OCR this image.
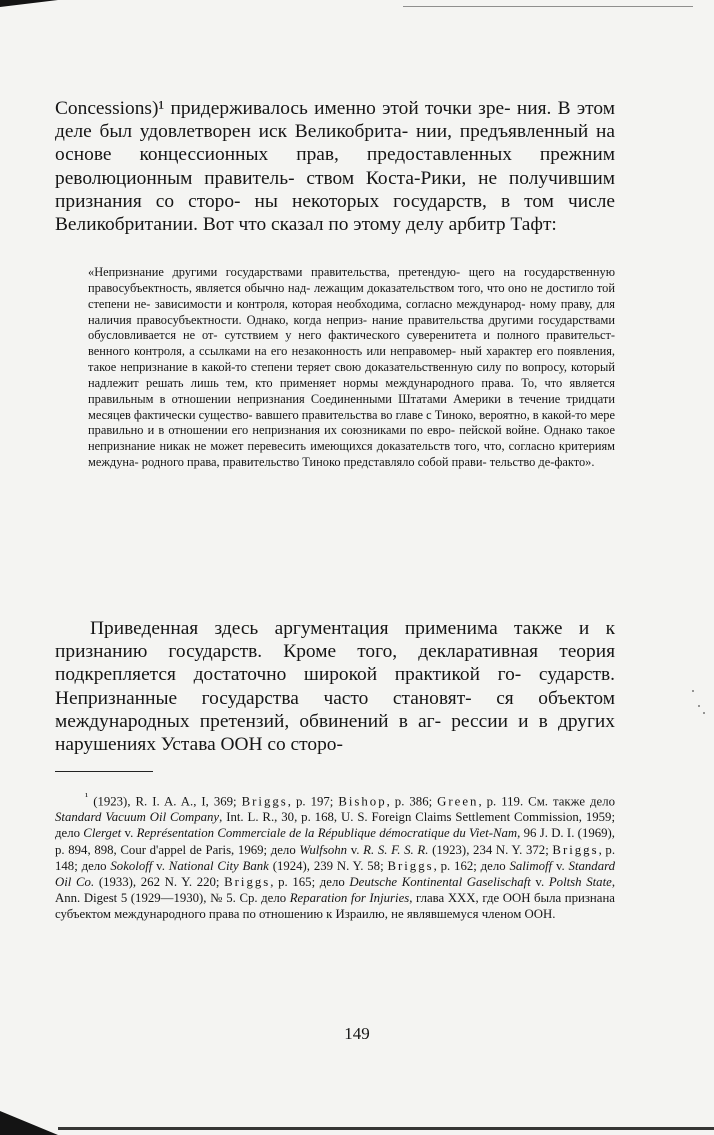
Concessions)¹ придерживалось именно этой точки зре- ния. В этом деле был удовлетворен иск Великобрита- нии, предъявленный на основе концессионных прав, предоставленных прежним революционным правитель- ством Коста-Рики, не получившим признания со сторо- ны некоторых государств, в том числе Великобритании. Вот что сказал по этому делу арбитр Тафт:

«Непризнание другими государствами правительства, претендую- щего на государственную правосубъектность, является обычно над- лежащим доказательством того, что оно не достигло той степени не- зависимости и контроля, которая необходима, согласно международ- ному праву, для наличия правосубъектности. Однако, когда неприз- нание правительства другими государствами обусловливается не от- сутствием у него фактического суверенитета и полного правительст- венного контроля, а ссылками на его незаконность или неправомер- ный характер его появления, такое непризнание в какой-то степени теряет свою доказательственную силу по вопросу, который надлежит решать лишь тем, кто применяет нормы международного права. То, что является правильным в отношении непризнания Соединенными Штатами Америки в течение тридцати месяцев фактически существо- вавшего правительства во главе с Тиноко, вероятно, в какой-то мере правильно и в отношении его непризнания их союзниками по евро- пейской войне. Однако такое непризнание никак не может перевесить имеющихся доказательств того, что, согласно критериям междуна- родного права, правительство Тиноко представляло собой прави- тельство де-факто».

Приведенная здесь аргументация применима также и к признанию государств. Кроме того, декларативная теория подкрепляется достаточно широкой практикой го- сударств. Непризнанные государства часто становят- ся объектом международных претензий, обвинений в аг- рессии и в других нарушениях Устава ООН со сторо-

$^{^1}$ (1923), R. I. A. A., I, 369; Briggs, p. 197; Bishop, p. 386; Green, p. 119. См. также дело Standard Vacuum Oil Company, Int. L. R., 30, p. 168, U. S. Foreign Claims Settlement Commission, 1959; дело Clerget v. Représentation Commerciale de la République démocratique du Viet-Nam, 96 J. D. I. (1969), p. 894, 898, Cour d'appel de Paris, 1969; дело Wulfsohn v. R. S. F. S. R. (1923), 234 N. Y. 372; Briggs, p. 148; дело Sokoloff v. National City Bank (1924), 239 N. Y. 58; Briggs, p. 162; дело Salimoff v. Standard Oil Co. (1933), 262 N. Y. 220; Briggs, p. 165; дело Deutsche Kontinental Gaselischaft v. Poltsh State, Ann. Digest 5 (1929—1930), № 5. Ср. дело Reparation for Injuries, глава XXX, где ООН была признана субъектом международного права по отношению к Израилю, не являвшемуся членом ООН.

149
